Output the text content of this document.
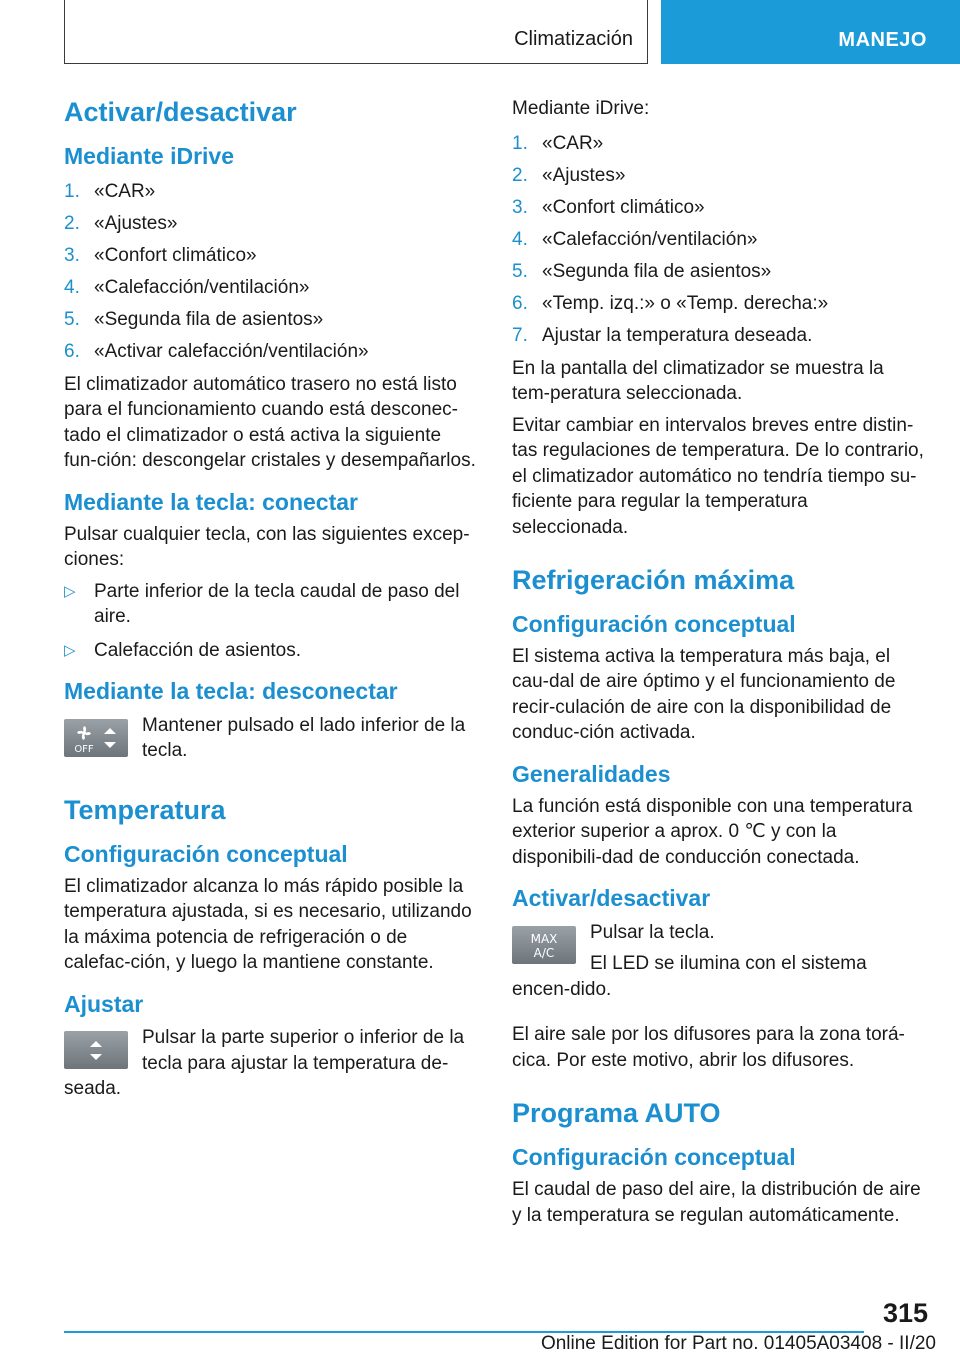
Climatización	MANEJO
Activar/desactivar
Mediante iDrive
1. «CAR»
2. «Ajustes»
3. «Confort climático»
4. «Calefacción/ventilación»
5. «Segunda fila de asientos»
6. «Activar calefacción/ventilación»

El climatizador automático trasero no está listo para el funcionamiento cuando está desconec‐tado el climatizador o está activa la siguiente fun‐ción: descongelar cristales y desempañarlos.

Mediante la tecla: conectar

Pulsar cualquier tecla, con las siguientes excep‐ciones:

▷ Parte inferior de la tecla caudal de paso del aire.
▷ Calefacción de asientos.
Mediante la tecla: desconectar
OFF

Mantener pulsado el lado inferior de la tecla.

Temperatura
Configuración conceptual

El climatizador alcanza lo más rápido posible la temperatura ajustada, si es necesario, utilizando la máxima potencia de refrigeración o de calefac‐ción, y luego la mantiene constante.

Ajustar

Pulsar la parte superior o inferior de la tecla para ajustar la temperatura de‐seada.

Mediante iDrive:

1. «CAR»
2. «Ajustes»
3. «Confort climático»
4. «Calefacción/ventilación»
5. «Segunda fila de asientos»
6. «Temp. izq.:» o «Temp. derecha:»
7. Ajustar la temperatura deseada.

En la pantalla del climatizador se muestra la tem‐peratura seleccionada.

Evitar cambiar en intervalos breves entre distin‐tas regulaciones de temperatura. De lo contrario, el climatizador automático no tendría tiempo su‐ficiente para regular la temperatura seleccionada.

Refrigeración máxima
Configuración conceptual

El sistema activa la temperatura más baja, el cau‐dal de aire óptimo y el funcionamiento de recir‐culación de aire con la disponibilidad de conduc‐ción activada.

Generalidades

La función está disponible con una temperatura exterior superior a aprox. 0 ℃ y con la disponibili‐dad de conducción conectada.

Activar/desactivar
MAX
A/C

Pulsar la tecla.

El LED se ilumina con el sistema encen‐dido.

El aire sale por los difusores para la zona torá‐cica. Por este motivo, abrir los difusores.

Programa AUTO
Configuración conceptual

El caudal de paso del aire, la distribución de aire y la temperatura se regulan automáticamente.

315
Online Edition for Part no. 01405A03408 - II/20
